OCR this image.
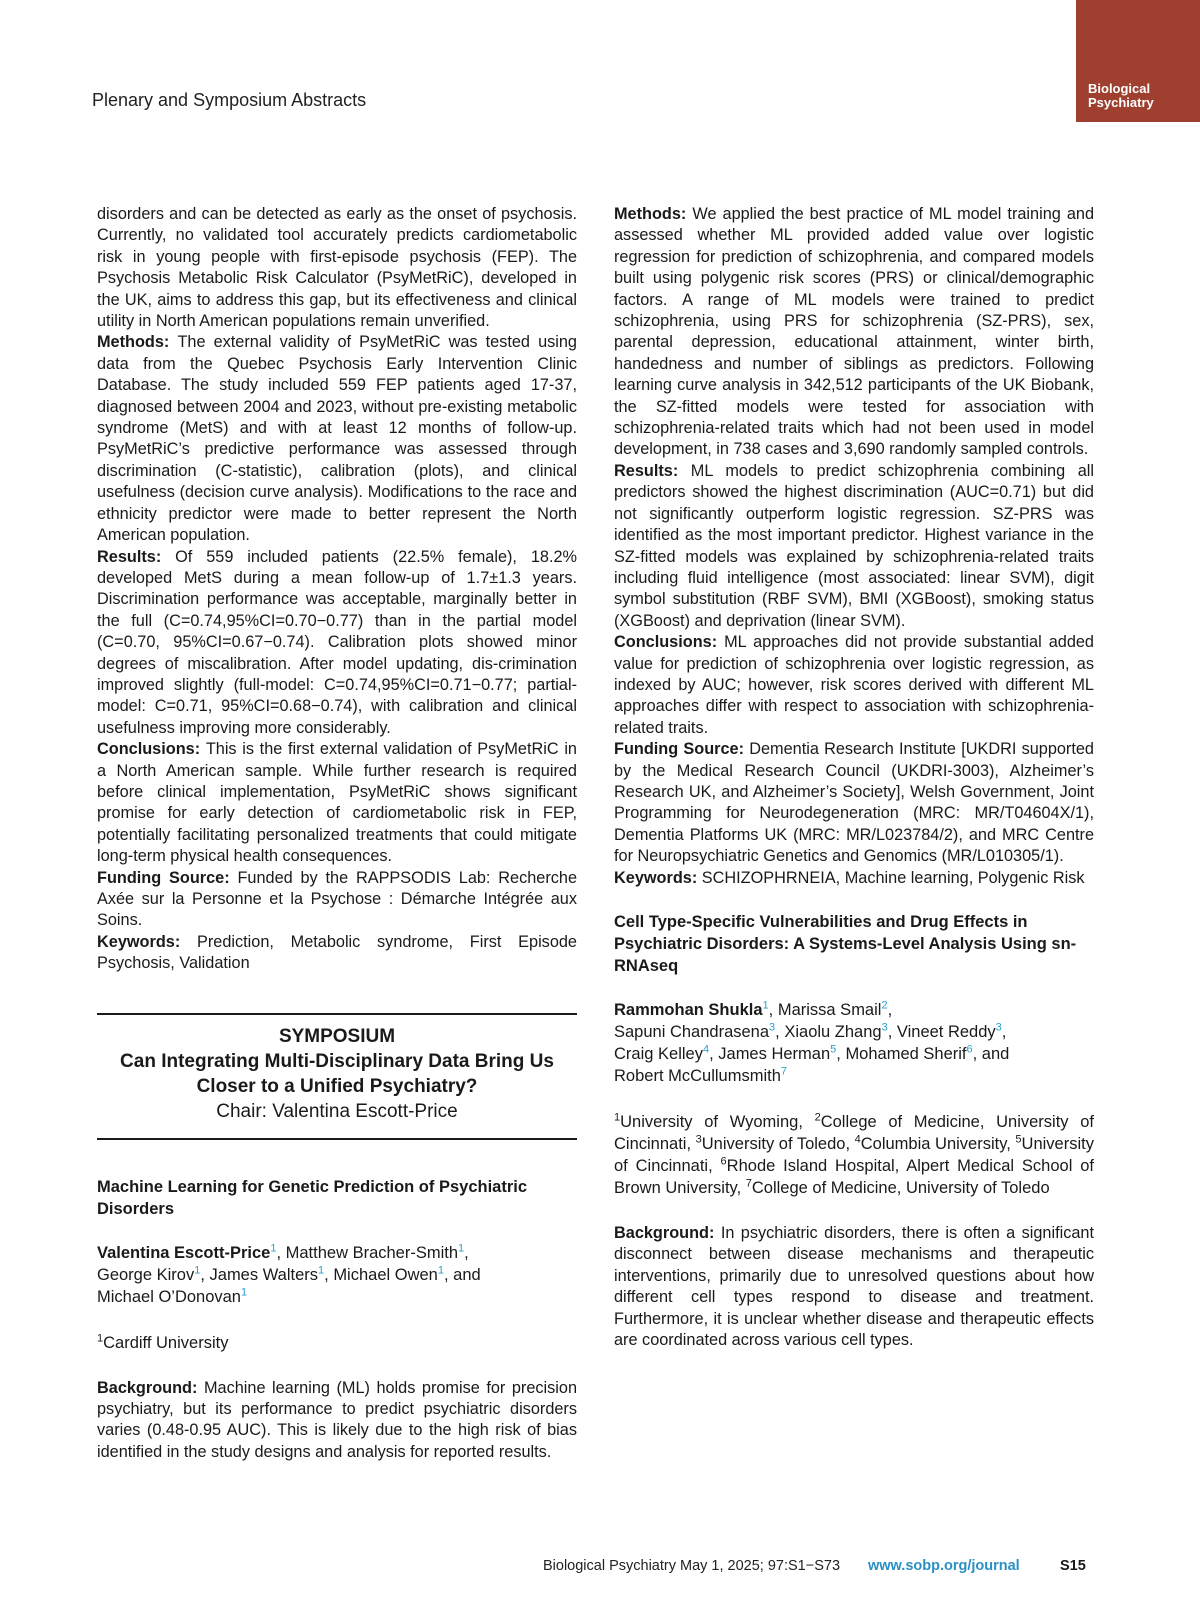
Plenary and Symposium Abstracts
Biological
Psychiatry

disorders and can be detected as early as the onset of psychosis. Currently, no validated tool accurately predicts cardiometabolic risk in young people with first-episode psychosis (FEP). The Psychosis Metabolic Risk Calculator (PsyMetRiC), developed in the UK, aims to address this gap, but its effectiveness and clinical utility in North American populations remain unverified.

Methods: The external validity of PsyMetRiC was tested using data from the Quebec Psychosis Early Intervention Clinic Database. The study included 559 FEP patients aged 17-37, diagnosed between 2004 and 2023, without pre-existing metabolic syndrome (MetS) and with at least 12 months of follow-up. PsyMetRiC’s predictive performance was assessed through discrimination (C-statistic), calibration (plots), and clinical usefulness (decision curve analysis). Modifications to the race and ethnicity predictor were made to better represent the North American population.

Results: Of 559 included patients (22.5% female), 18.2% developed MetS during a mean follow-up of 1.7±1.3 years. Discrimination performance was acceptable, marginally better in the full (C=0.74,95%CI=0.70−0.77) than in the partial model (C=0.70, 95%CI=0.67−0.74). Calibration plots showed minor degrees of miscalibration. After model updating, dis-crimination improved slightly (full-model: C=0.74,95%CI=0.71−0.77; partial-model: C=0.71, 95%CI=0.68−0.74), with calibration and clinical usefulness improving more considerably.

Conclusions: This is the first external validation of PsyMetRiC in a North American sample. While further research is required before clinical implementation, PsyMetRiC shows significant promise for early detection of cardiometabolic risk in FEP, potentially facilitating personalized treatments that could mitigate long-term physical health consequences.

Funding Source: Funded by the RAPPSODIS Lab: Recherche Axée sur la Personne et la Psychose : Démarche Intégrée aux Soins.

Keywords: Prediction, Metabolic syndrome, First Episode Psychosis, Validation

SYMPOSIUM
Can Integrating Multi-Disciplinary Data Bring Us Closer to a Unified Psychiatry?
Chair: Valentina Escott-Price
Machine Learning for Genetic Prediction of Psychiatric Disorders
Valentina Escott-Price$^1$, Matthew Bracher-Smith$^1$,
George Kirov$^1$, James Walters$^1$, Michael Owen$^1$, and
Michael O’Donovan$^1$
$^1$Cardiff University

Background: Machine learning (ML) holds promise for precision psychiatry, but its performance to predict psychiatric disorders varies (0.48-0.95 AUC). This is likely due to the high risk of bias identified in the study designs and analysis for reported results.

Methods: We applied the best practice of ML model training and assessed whether ML provided added value over logistic regression for prediction of schizophrenia, and compared models built using polygenic risk scores (PRS) or clinical/demographic factors. A range of ML models were trained to predict schizophrenia, using PRS for schizophrenia (SZ-PRS), sex, parental depression, educational attainment, winter birth, handedness and number of siblings as predictors. Following learning curve analysis in 342,512 participants of the UK Biobank, the SZ-fitted models were tested for association with schizophrenia-related traits which had not been used in model development, in 738 cases and 3,690 randomly sampled controls.

Results: ML models to predict schizophrenia combining all predictors showed the highest discrimination (AUC=0.71) but did not significantly outperform logistic regression. SZ-PRS was identified as the most important predictor. Highest variance in the SZ-fitted models was explained by schizophrenia-related traits including fluid intelligence (most associated: linear SVM), digit symbol substitution (RBF SVM), BMI (XGBoost), smoking status (XGBoost) and deprivation (linear SVM).

Conclusions: ML approaches did not provide substantial added value for prediction of schizophrenia over logistic regression, as indexed by AUC; however, risk scores derived with different ML approaches differ with respect to association with schizophrenia-related traits.

Funding Source: Dementia Research Institute [UKDRI supported by the Medical Research Council (UKDRI-3003), Alzheimer’s Research UK, and Alzheimer’s Society], Welsh Government, Joint Programming for Neurodegeneration (MRC: MR/T04604X/1), Dementia Platforms UK (MRC: MR/L023784/2), and MRC Centre for Neuropsychiatric Genetics and Genomics (MR/L010305/1).

Keywords: SCHIZOPHRNEIA, Machine learning, Polygenic Risk

Cell Type-Specific Vulnerabilities and Drug Effects in Psychiatric Disorders: A Systems-Level Analysis Using sn-RNAseq
Rammohan Shukla$^1$, Marissa Smail$^2$,
Sapuni Chandrasena$^3$, Xiaolu Zhang$^3$, Vineet Reddy$^3$,
Craig Kelley$^4$, James Herman$^5$, Mohamed Sherif$^6$, and
Robert McCullumsmith$^7$
$^1$University of Wyoming, $^2$College of Medicine, University of Cincinnati, $^3$University of Toledo, $^4$Columbia University, $^5$University of Cincinnati, $^6$Rhode Island Hospital, Alpert Medical School of Brown University, $^7$College of Medicine, University of Toledo

Background: In psychiatric disorders, there is often a significant disconnect between disease mechanisms and therapeutic interventions, primarily due to unresolved questions about how different cell types respond to disease and treatment. Furthermore, it is unclear whether disease and therapeutic effects are coordinated across various cell types.

Biological Psychiatry May 1, 2025; 97:S1−S73 www.sobp.org/journal	S15
